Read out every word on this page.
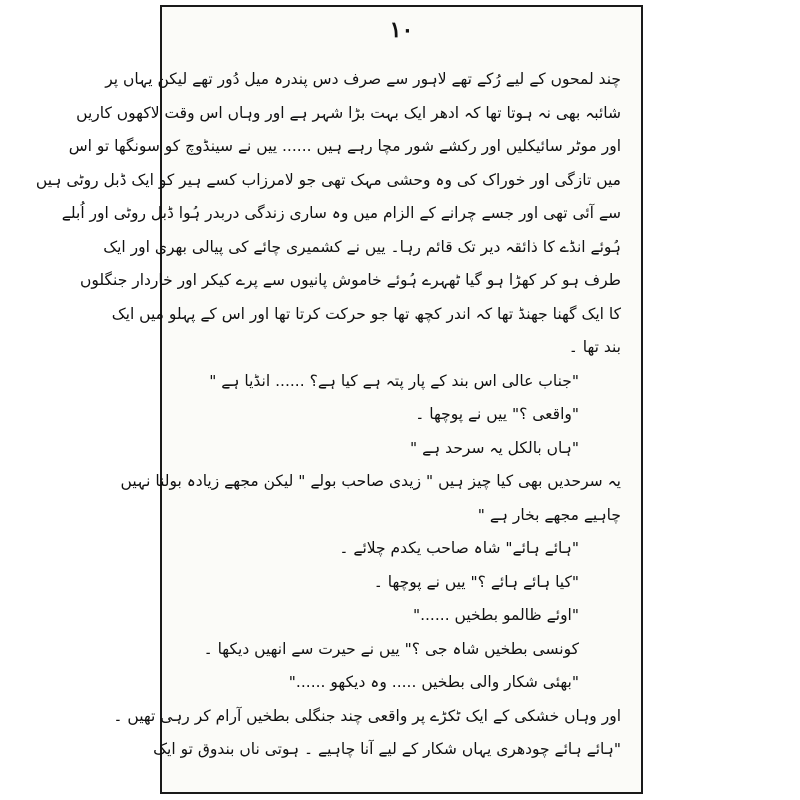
۱۰
چند لمحوں کے لیے رُکے تھے لاہور سے صرف دس پندرہ میل دُور تھے لیکن یہاں پر
شائبہ بھی نہ ہوتا تھا کہ ادھر ایک بہت بڑا شہر ہے اور وہاں اس وقت لاکھوں کاریں
اور موٹر سائیکلیں اور رکشے شور مچا رہے ہیں ...... ییں نے سینڈوچ کو سونگھا تو اس
میں تازگی اور خوراک کی وہ وحشی مہک تھی جو لامرزاب کسے ہیر کو ایک ڈبل روٹی ہیں
سے آئی تھی اور جسے چرانے کے الزام میں وہ ساری زندگی دربدر ہُوا ڈبل روٹی اور اُبلے
ہُوئے انڈے کا ذائقہ دیر تک قائم رہا۔ ییں نے کشمیری چائے کی پیالی بھری اور ایک
طرف ہو کر کھڑا ہو گیا ٹھہرے ہُوئے خاموش پانیوں سے پرے کیکر اور خاردار جنگلوں
کا ایک گھنا جھنڈ تھا کہ اندر کچھ تھا جو حرکت کرتا تھا اور اس کے پہلو میں ایک
بند تھا ۔
"جناب عالی اس بند کے پار پتہ ہے کیا ہے؟ ...... انڈیا ہے "
"واقعی ؟" ییں نے پوچھا ۔
"ہاں بالکل یہ سرحد ہے "
یہ سرحدیں بھی کیا چیز ہیں " زیدی صاحب بولے " لیکن مجھے زیادہ بولنا نہیں
چاہیے مجھے بخار ہے "
"ہائے ہائے" شاہ صاحب یکدم چلائے ۔
"کیا ہائے ہائے ؟" ییں نے پوچھا ۔
"اوئے ظالمو بطخیں ......"
کونسی بطخیں شاہ جی ؟" ییں نے حیرت سے انھیں دیکھا ۔
"بھئی شکار والی بطخیں ..... وہ دیکھو ......"
اور وہاں خشکی کے ایک ٹکڑے پر واقعی چند جنگلی بطخیں آرام کر رہی تھیں ۔
"ہائے ہائے چودھری یہاں شکار کے لیے آنا چاہیے ۔ ہوتی ناں بندوق تو ایک
